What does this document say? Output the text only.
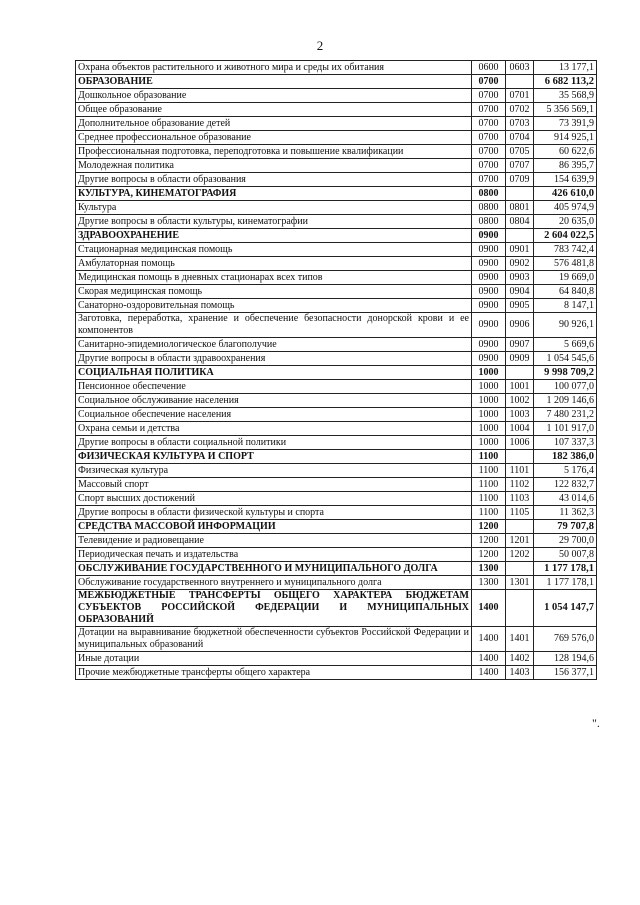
2
Охрана объектов растительного и животного мира и среды их обитания	0600	0603	13 177,1
ОБРАЗОВАНИЕ	0700		6 682 113,2
Дошкольное образование	0700	0701	35 568,9
Общее образование	0700	0702	5 356 569,1
Дополнительное образование детей	0700	0703	73 391,9
Среднее профессиональное образование	0700	0704	914 925,1
Профессиональная подготовка, переподготовка и повышение квалификации	0700	0705	60 622,6
Молодежная политика	0700	0707	86 395,7
Другие вопросы в области образования	0700	0709	154 639,9
КУЛЬТУРА, КИНЕМАТОГРАФИЯ	0800		426 610,0
Культура	0800	0801	405 974,9
Другие вопросы в области культуры, кинематографии	0800	0804	20 635,0
ЗДРАВООХРАНЕНИЕ	0900		2 604 022,5
Стационарная медицинская помощь	0900	0901	783 742,4
Амбулаторная помощь	0900	0902	576 481,8
Медицинская помощь в дневных стационарах всех типов	0900	0903	19 669,0
Скорая медицинская помощь	0900	0904	64 840,8
Санаторно-оздоровительная помощь	0900	0905	8 147,1
Заготовка, переработка, хранение и обеспечение безопасности донорской крови и ее компонентов	0900	0906	90 926,1
Санитарно-эпидемиологическое благополучие	0900	0907	5 669,6
Другие вопросы в области здравоохранения	0900	0909	1 054 545,6
СОЦИАЛЬНАЯ ПОЛИТИКА	1000		9 998 709,2
Пенсионное обеспечение	1000	1001	100 077,0
Социальное обслуживание населения	1000	1002	1 209 146,6
Социальное обеспечение населения	1000	1003	7 480 231,2
Охрана семьи и детства	1000	1004	1 101 917,0
Другие вопросы в области социальной политики	1000	1006	107 337,3
ФИЗИЧЕСКАЯ КУЛЬТУРА И СПОРТ	1100		182 386,0
Физическая культура	1100	1101	5 176,4
Массовый спорт	1100	1102	122 832,7
Спорт высших достижений	1100	1103	43 014,6
Другие вопросы в области физической культуры и спорта	1100	1105	11 362,3
СРЕДСТВА МАССОВОЙ ИНФОРМАЦИИ	1200		79 707,8
Телевидение и радиовещание	1200	1201	29 700,0
Периодическая печать и издательства	1200	1202	50 007,8
ОБСЛУЖИВАНИЕ ГОСУДАРСТВЕННОГО И МУНИЦИПАЛЬНОГО ДОЛГА	1300		1 177 178,1
Обслуживание государственного внутреннего и муниципального долга	1300	1301	1 177 178,1
МЕЖБЮДЖЕТНЫЕ ТРАНСФЕРТЫ ОБЩЕГО ХАРАКТЕРА БЮДЖЕТАМ СУБЪЕКТОВ РОССИЙСКОЙ ФЕДЕРАЦИИ И МУНИЦИПАЛЬНЫХ ОБРАЗОВАНИЙ	1400		1 054 147,7
Дотации на выравнивание бюджетной обеспеченности субъектов Российской Федерации и муниципальных образований	1400	1401	769 576,0
Иные дотации	1400	1402	128 194,6
Прочие межбюджетные трансферты общего характера	1400	1403	156 377,1
".
